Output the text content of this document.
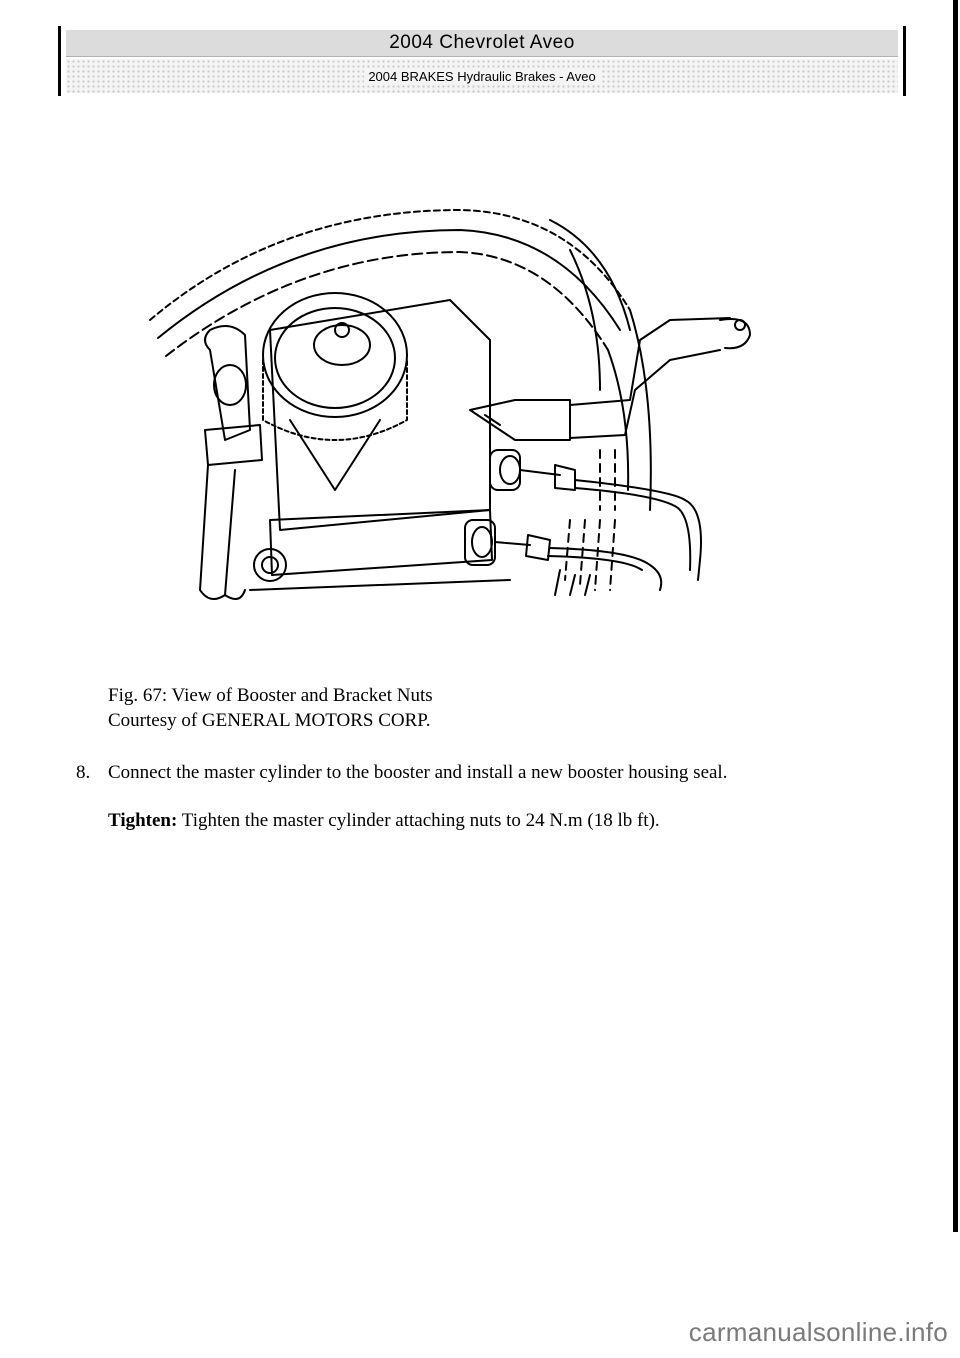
2004 Chevrolet Aveo
2004 BRAKES Hydraulic Brakes - Aveo
Fig. 67: View of Booster and Bracket Nuts
Courtesy of GENERAL MOTORS CORP.
8. Connect the master cylinder to the booster and install a new booster housing seal.
Tighten: Tighten the master cylinder attaching nuts to 24 N.m (18 lb ft).
carmanualsonline.info
